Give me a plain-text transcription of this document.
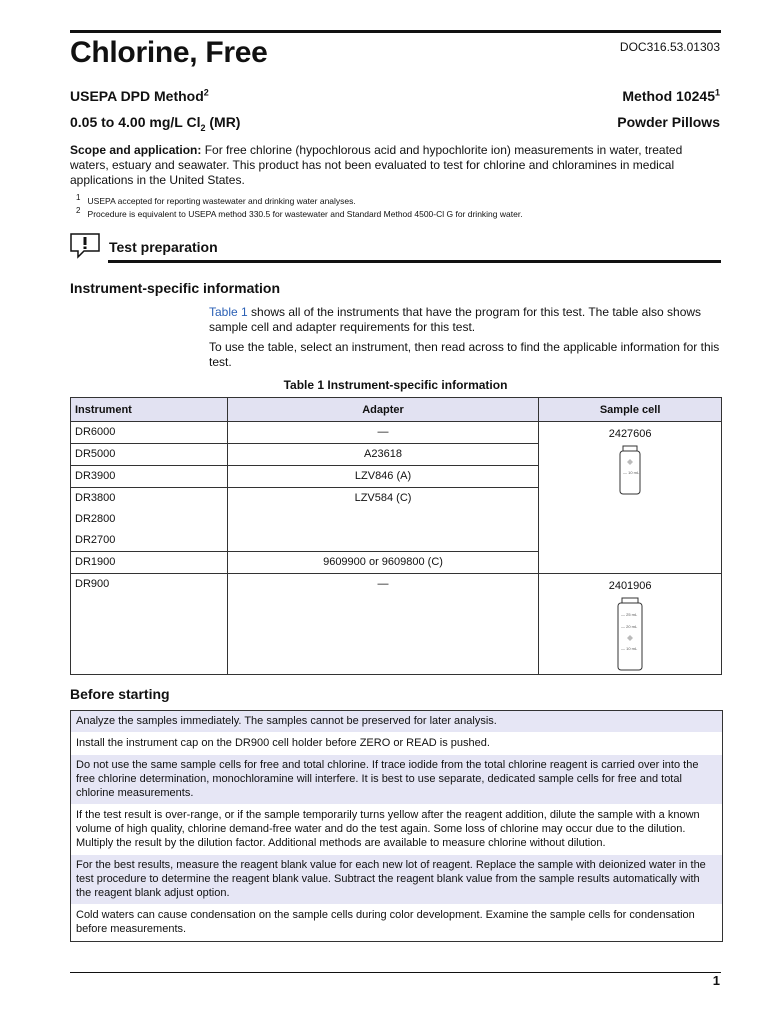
Chlorine, Free	DOC316.53.01303
USEPA DPD Method$^2$	Method 10245$^1$
0.05 to 4.00 mg/L $Cl_2$ (MR)	Powder Pillows
Scope and application: For free chlorine (hypochlorous acid and hypochlorite ion) measurements in water, treated waters, estuary and seawater. This product has not been evaluated to test for chlorine and chloramines in medical applications in the United States.
$^1$ USEPA accepted for reporting wastewater and drinking water analyses.
$^2$ Procedure is equivalent to USEPA method 330.5 for wastewater and Standard Method 4500-Cl G for drinking water.
Test preparation
Instrument-specific information
Table 1 shows all of the instruments that have the program for this test. The table also shows sample cell and adapter requirements for this test.
To use the table, select an instrument, then read across to find the applicable information for this test.
Table 1 Instrument-specific information
Instrument	Adapter	Sample cell
DR6000	—	2427606
— 10 mL

DR5000	A23618	
DR3900	LZV846 (A)	

DR3800
DR2800
DR2700	LZV584 (C)	
DR1900	9609900 or 9609800 (C)	
DR900	—	2401906
— 25 mL
— 20 mL
— 10 mL
Before starting
Analyze the samples immediately. The samples cannot be preserved for later analysis.
Install the instrument cap on the DR900 cell holder before ZERO or READ is pushed.
Do not use the same sample cells for free and total chlorine. If trace iodide from the total chlorine reagent is carried over into the free chlorine determination, monochloramine will interfere. It is best to use separate, dedicated sample cells for free and total chlorine measurements.
If the test result is over-range, or if the sample temporarily turns yellow after the reagent addition, dilute the sample with a known volume of high quality, chlorine demand-free water and do the test again. Some loss of chlorine may occur due to the dilution. Multiply the result by the dilution factor. Additional methods are available to measure chlorine without dilution.
For the best results, measure the reagent blank value for each new lot of reagent. Replace the sample with deionized water in the test procedure to determine the reagent blank value. Subtract the reagent blank value from the sample results automatically with the reagent blank adjust option.
Cold waters can cause condensation on the sample cells during color development. Examine the sample cells for condensation before measurements.
1
